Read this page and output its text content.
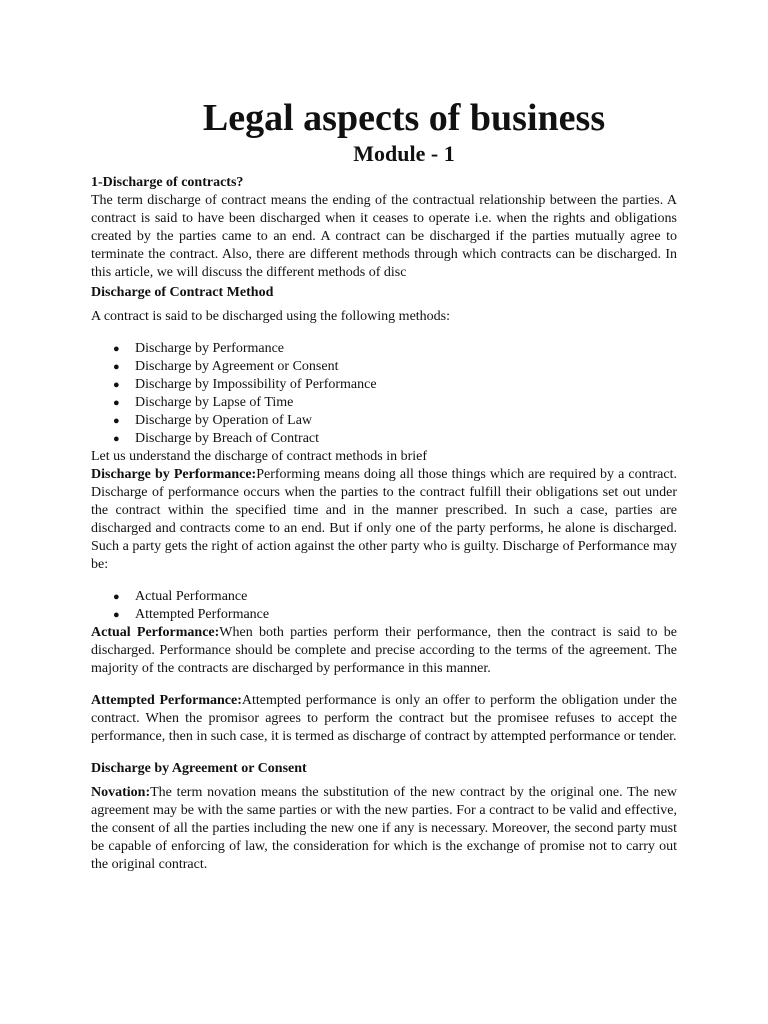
Legal aspects of business
Module - 1

1-Discharge of contracts?

The term discharge of contract means the ending of the contractual relationship between the parties. A contract is said to have been discharged when it ceases to operate i.e. when the rights and obligations created by the parties came to an end. A contract can be discharged if the parties mutually agree to terminate the contract. Also, there are different methods through which contracts can be discharged. In this article, we will discuss the different methods of disc

Discharge of Contract Method

A contract is said to be discharged using the following methods:

● Discharge by Performance
● Discharge by Agreement or Consent
● Discharge by Impossibility of Performance
● Discharge by Lapse of Time
● Discharge by Operation of Law
● Discharge by Breach of Contract

Let us understand the discharge of contract methods in brief

Discharge by Performance:Performing means doing all those things which are required by a contract. Discharge of performance occurs when the parties to the contract fulfill their obligations set out under the contract within the specified time and in the manner prescribed. In such a case, parties are discharged and contracts come to an end. But if only one of the party performs, he alone is discharged. Such a party gets the right of action against the other party who is guilty. Discharge of Performance may be:

● Actual Performance
● Attempted Performance

Actual Performance:When both parties perform their performance, then the contract is said to be discharged. Performance should be complete and precise according to the terms of the agreement. The majority of the contracts are discharged by performance in this manner.

Attempted Performance:Attempted performance is only an offer to perform the obligation under the contract. When the promisor agrees to perform the contract but the promisee refuses to accept the performance, then in such case, it is termed as discharge of contract by attempted performance or tender.

Discharge by Agreement or Consent

Novation:The term novation means the substitution of the new contract by the original one. The new agreement may be with the same parties or with the new parties. For a contract to be valid and effective, the consent of all the parties including the new one if any is necessary. Moreover, the second party must be capable of enforcing of law, the consideration for which is the exchange of promise not to carry out the original contract.
